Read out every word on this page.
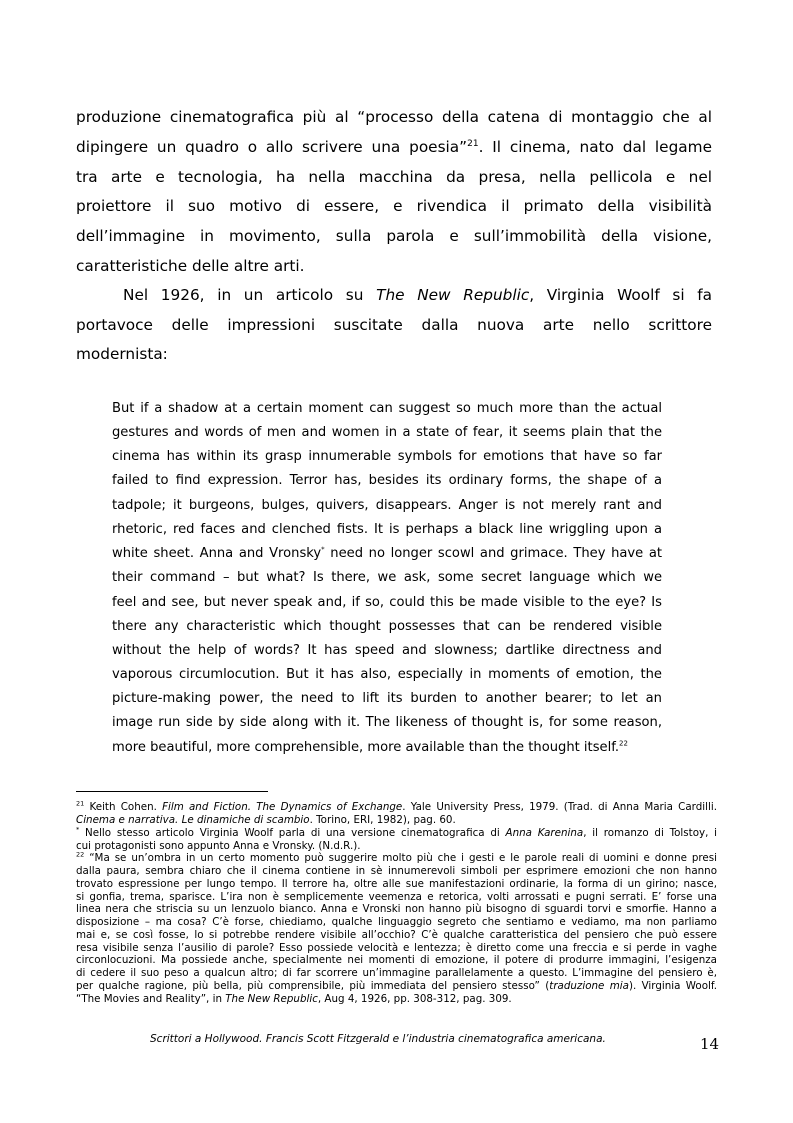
produzione cinematografica più al “processo della catena di montaggio che al
dipingere un quadro o allo scrivere una poesia”$^{21}$. Il cinema, nato dal legame
tra arte e tecnologia, ha nella macchina da presa, nella pellicola e nel
proiettore il suo motivo di essere, e rivendica il primato della visibilità
dell’immagine in movimento, sulla parola e sull’immobilità della visione,
caratteristiche delle altre arti.
Nel 1926, in un articolo su The New Republic, Virginia Woolf si fa
portavoce delle impressioni suscitate dalla nuova arte nello scrittore
modernista:
But if a shadow at a certain moment can suggest so much more than the actual
gestures and words of men and women in a state of fear, it seems plain that the
cinema has within its grasp innumerable symbols for emotions that have so far
failed to find expression. Terror has, besides its ordinary forms, the shape of a
tadpole; it burgeons, bulges, quivers, disappears. Anger is not merely rant and
rhetoric, red faces and clenched fists. It is perhaps a black line wriggling upon a
white sheet. Anna and Vronsky* need no longer scowl and grimace. They have at
their command – but what? Is there, we ask, some secret language which we
feel and see, but never speak and, if so, could this be made visible to the eye? Is
there any characteristic which thought possesses that can be rendered visible
without the help of words? It has speed and slowness; dartlike directness and
vaporous circumlocution. But it has also, especially in moments of emotion, the
picture-making power, the need to lift its burden to another bearer; to let an
image run side by side along with it. The likeness of thought is, for some reason,
more beautiful, more comprehensible, more available than the thought itself.$^{22}$
$^{21}$ Keith Cohen. Film and Fiction. The Dynamics of Exchange. Yale University Press, 1979. (Trad. di Anna Maria Cardilli.
Cinema e narrativa. Le dinamiche di scambio. Torino, ERI, 1982), pag. 60.
* Nello stesso articolo Virginia Woolf parla di una versione cinematografica di Anna Karenina, il romanzo di Tolstoy, i
cui protagonisti sono appunto Anna e Vronsky. (N.d.R.).
$^{22}$ “Ma se un’ombra in un certo momento può suggerire molto più che i gesti e le parole reali di uomini e donne presi
dalla paura, sembra chiaro che il cinema contiene in sè innumerevoli simboli per esprimere emozioni che non hanno
trovato espressione per lungo tempo. Il terrore ha, oltre alle sue manifestazioni ordinarie, la forma di un girino; nasce,
si gonfia, trema, sparisce. L’ira non è semplicemente veemenza e retorica, volti arrossati e pugni serrati. E’ forse una
linea nera che striscia su un lenzuolo bianco. Anna e Vronski non hanno più bisogno di sguardi torvi e smorfie. Hanno a
disposizione – ma cosa? C’è forse, chiediamo, qualche linguaggio segreto che sentiamo e vediamo, ma non parliamo
mai e, se così fosse, lo si potrebbe rendere visibile all’occhio? C’è qualche caratteristica del pensiero che può essere
resa visibile senza l’ausilio di parole? Esso possiede velocità e lentezza; è diretto come una freccia e si perde in vaghe
circonlocuzioni. Ma possiede anche, specialmente nei momenti di emozione, il potere di produrre immagini, l’esigenza
di cedere il suo peso a qualcun altro; di far scorrere un’immagine parallelamente a questo. L’immagine del pensiero è,
per qualche ragione, più bella, più comprensibile, più immediata del pensiero stesso” (traduzione mia). Virginia Woolf.
“The Movies and Reality”, in The New Republic, Aug 4, 1926, pp. 308-312, pag. 309.
Scrittori a Hollywood. Francis Scott Fitzgerald e l’industria cinematografica americana.	14
